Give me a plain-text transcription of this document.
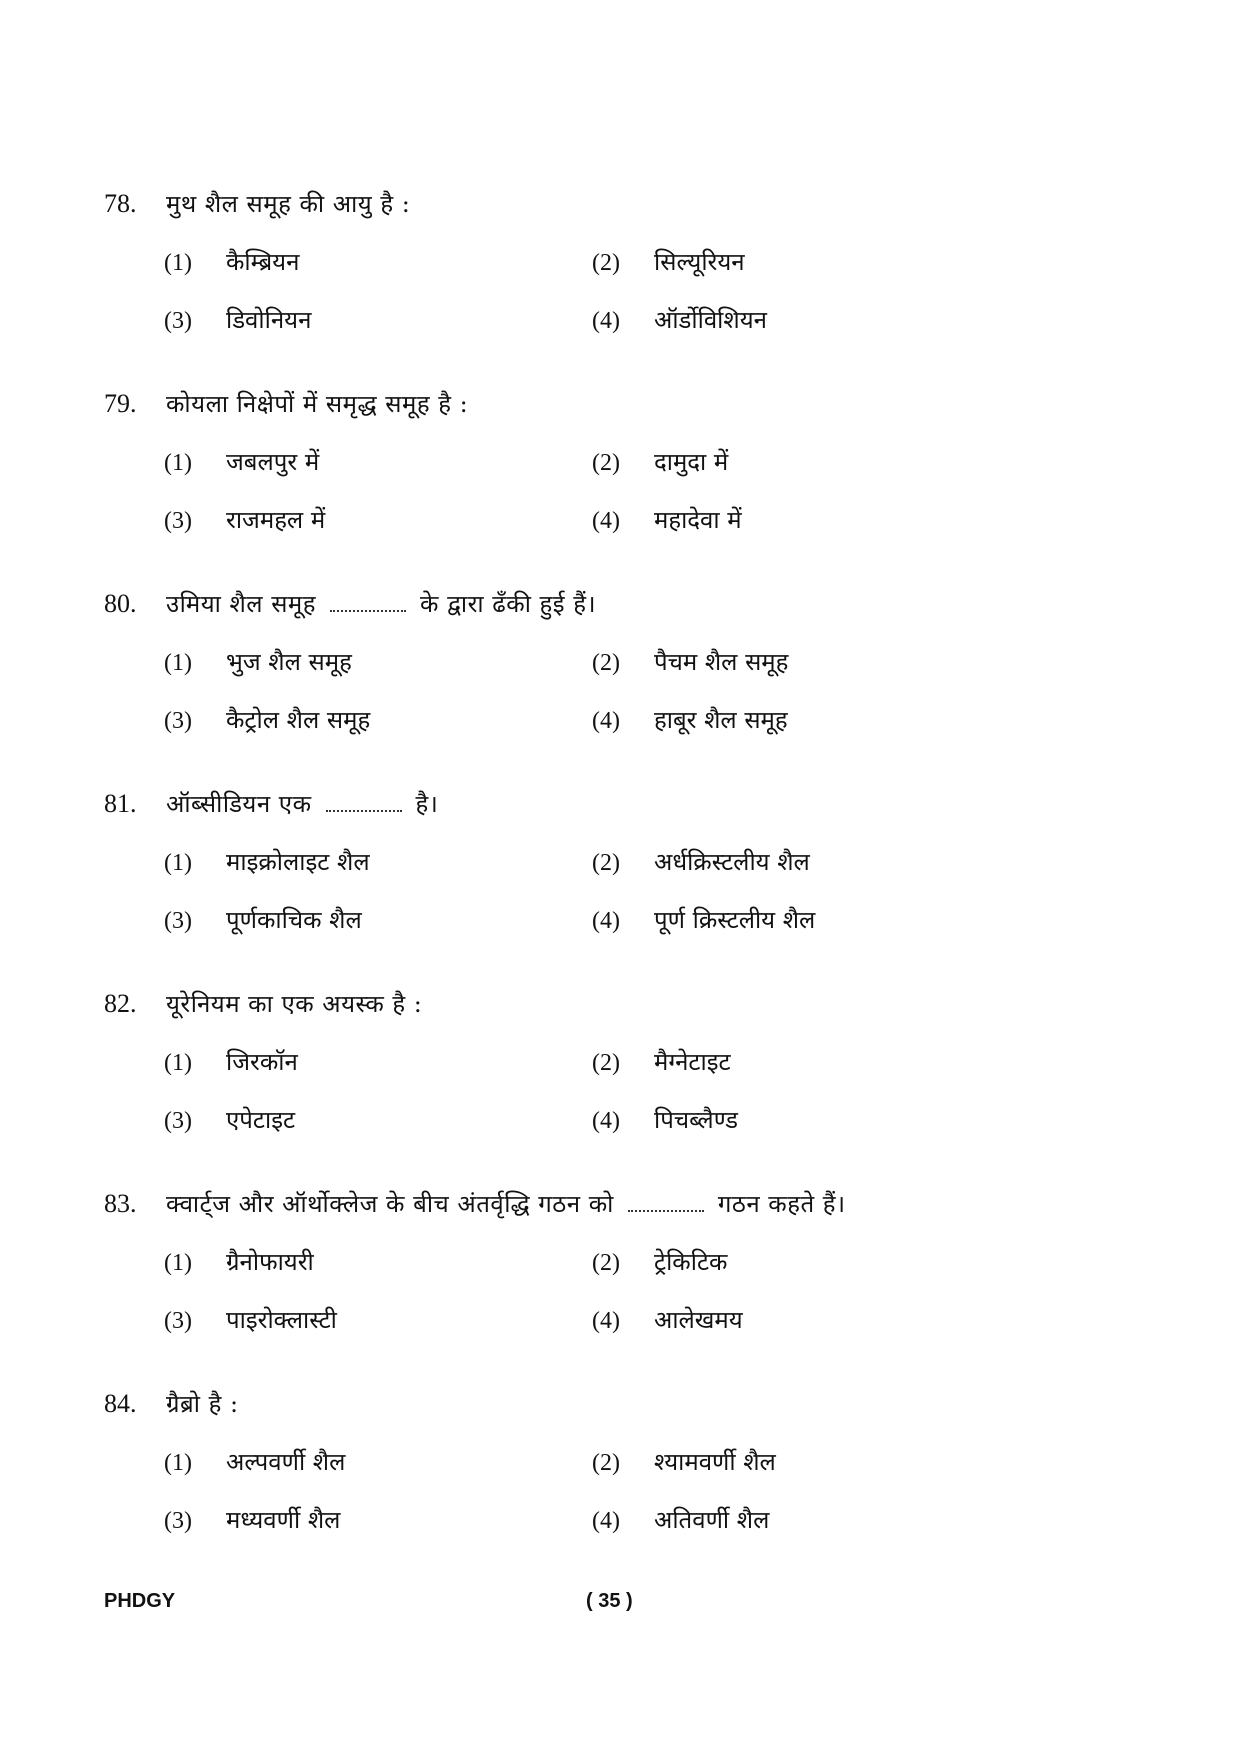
78.	मुथ शैल समूह की आयु है :
(1)	कैम्ब्रियन	(2)	सिल्यूरियन
(3)	डिवोनियन	(4)	ऑर्डोविशियन
79.	कोयला निक्षेपों में समृद्ध समूह है :
(1)	जबलपुर में	(2)	दामुदा में
(3)	राजमहल में	(4)	महादेवा में
80.	उमिया शैल समूह	के द्वारा ढँकी हुई हैं।
(1)	भुज शैल समूह	(2)	पैचम शैल समूह
(3)	कैट्रोल शैल समूह	(4)	हाबूर शैल समूह
81.	ऑब्सीडियन एक	है।
(1)	माइक्रोलाइट शैल	(2)	अर्धक्रिस्टलीय शैल
(3)	पूर्णकाचिक शैल	(4)	पूर्ण क्रिस्टलीय शैल
82.	यूरेनियम का एक अयस्क है :
(1)	जिरकॉन	(2)	मैग्नेटाइट
(3)	एपेटाइट	(4)	पिचब्लैण्ड
83.	क्वार्ट्ज और ऑर्थोक्लेज के बीच अंतर्वृद्धि गठन को	गठन कहते हैं।
(1)	ग्रैनोफायरी	(2)	ट्रेकिटिक
(3)	पाइरोक्लास्टी	(4)	आलेखमय
84.	ग्रैब्रो है :
(1)	अल्पवर्णी शैल	(2)	श्यामवर्णी शैल
(3)	मध्यवर्णी शैल	(4)	अतिवर्णी शैल
PHDGY	( 35 )
